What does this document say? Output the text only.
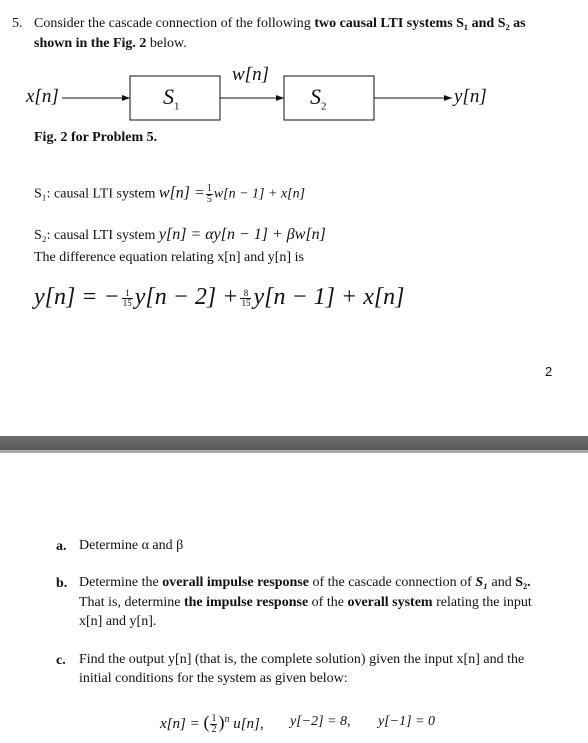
5. Consider the cascade connection of the following two causal LTI systems S₁ and S₂ as
shown in the Fig. 2 below.
x[n]	$S_1$
w[n]
$S_2$	y[n]
Fig. 2 for Problem 5.
S₁: causal LTI system $w[n] = \frac{1}{5} w[n - 1] + x[n]$
S₂: causal LTI system y[n] = αy[n − 1] + βw[n]
The difference equation relating x[n] and y[n] is
y[n] = − $\frac{1}{15} y[n - 2] + \frac{8}{15} y[n - 1] + x[n]$
2
a. Determine α and β
b. Determine the overall impulse response of the cascade connection of S₁ and S₂.
That is, determine the impulse response of the overall system relating the input
x[n] and y[n].
c. Find the output y[n] (that is, the complete solution) given the input x[n] and the
initial conditions for the system as given below:
x[n] = ( $\frac{1}{2} )^n$ u[n], y[−2] = 8, y[−1] = 0
